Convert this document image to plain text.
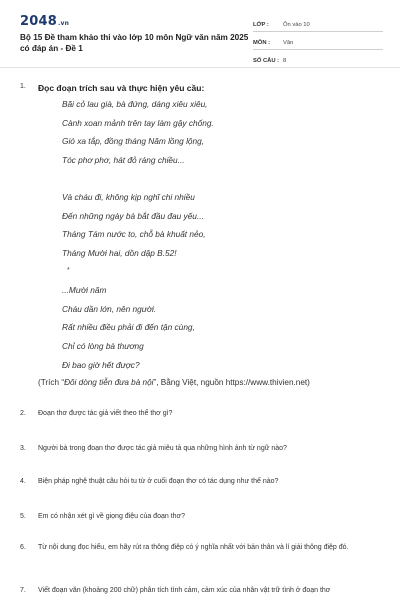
2048.vn
Bộ 15 Đề tham khảo thi vào lớp 10 môn Ngữ văn năm 2025 có đáp án - Đề 1
LỚP : Ôn vào 10
MÔN : Văn
SỐ CÂU : 8
1. Đọc đoạn trích sau và thực hiện yêu cầu:
Bãi cỏ lau già, bà đứng, dáng xiêu xiêu,
Cành xoan mảnh trên tay làm gậy chống.
Gió xa tắp, đồng tháng Năm lồng lộng,
Tóc phơ phơ, hát đỏ ráng chiều...
Và cháu đi, không kịp nghĩ chi nhiều
Đến những ngày bà bắt đầu đau yếu...
Tháng Tám nước to, chỗ bà khuất nẻo,
Tháng Mười hai, dồn dập B.52!
*
...Mười năm
Cháu dần lớn, nên người.
Rất nhiều điều phải đi đến tận cùng,
Chỉ có lòng bà thương
Đi bao giờ hết được?
(Trích “Đôi dòng tiễn đưa bà nội”, Bằng Việt, nguồn https://www.thivien.net)
2. Đoạn thơ được tác giả viết theo thể thơ gì?
3. Người bà trong đoạn thơ được tác giả miêu tả qua những hình ảnh từ ngữ nào?
4. Biện pháp nghệ thuật câu hỏi tu từ ở cuối đoạn thơ có tác dụng như thế nào?
5. Em có nhận xét gì về giọng điệu của đoạn thơ?
6. Từ nội dung đọc hiểu, em hãy rút ra thông điệp có ý nghĩa nhất với bản thân và lí giải thông điệp đó.
7. Viết đoạn văn (khoảng 200 chữ) phân tích tình cảm, cảm xúc của nhân vật trữ tình ở đoạn thơ
